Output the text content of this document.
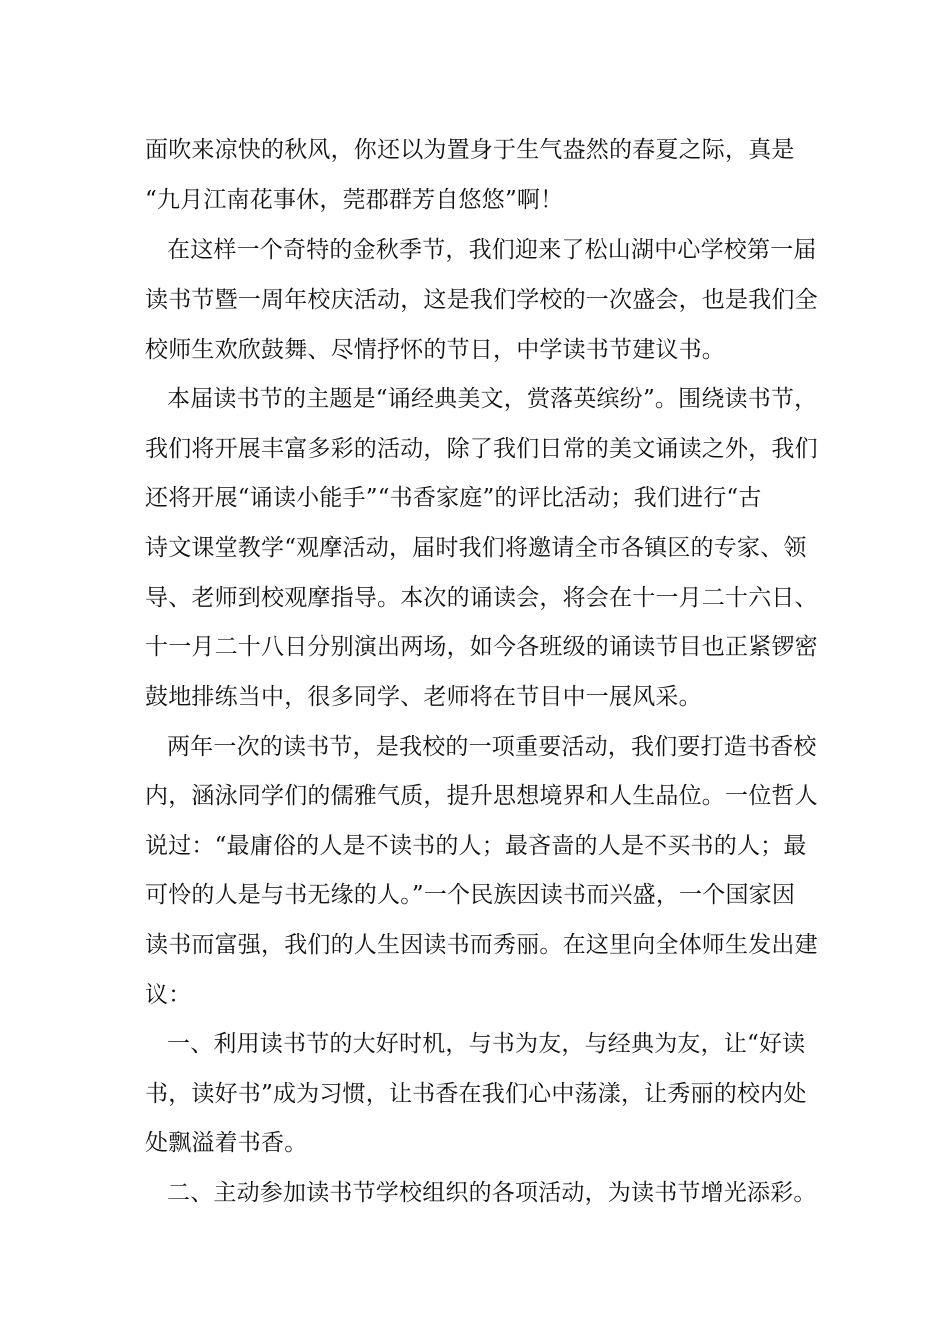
面吹来凉快的秋风，你还以为置身于生气盎然的春夏之际，真是
“九月江南花事休，莞郡群芳自悠悠”啊！
在这样一个奇特的金秋季节，我们迎来了松山湖中心学校第一届
读书节暨一周年校庆活动，这是我们学校的一次盛会，也是我们全
校师生欢欣鼓舞、尽情抒怀的节日，中学读书节建议书。
本届读书节的主题是“诵经典美文，赏落英缤纷”。围绕读书节，
我们将开展丰富多彩的活动，除了我们日常的美文诵读之外，我们
还将开展“诵读小能手”“书香家庭”的评比活动；我们进行“古
诗文课堂教学“观摩活动，届时我们将邀请全市各镇区的专家、领
导、老师到校观摩指导。本次的诵读会，将会在十一月二十六日、
十一月二十八日分别演出两场，如今各班级的诵读节目也正紧锣密
鼓地排练当中，很多同学、老师将在节目中一展风采。
两年一次的读书节，是我校的一项重要活动，我们要打造书香校
内，涵泳同学们的儒雅气质，提升思想境界和人生品位。一位哲人
说过：“最庸俗的人是不读书的人；最吝啬的人是不买书的人；最
可怜的人是与书无缘的人。”一个民族因读书而兴盛，一个国家因
读书而富强，我们的人生因读书而秀丽。在这里向全体师生发出建
议：
一、利用读书节的大好时机，与书为友，与经典为友，让“好读
书，读好书”成为习惯，让书香在我们心中荡漾，让秀丽的校内处
处飘溢着书香。
二、主动参加读书节学校组织的各项活动，为读书节增光添彩。
